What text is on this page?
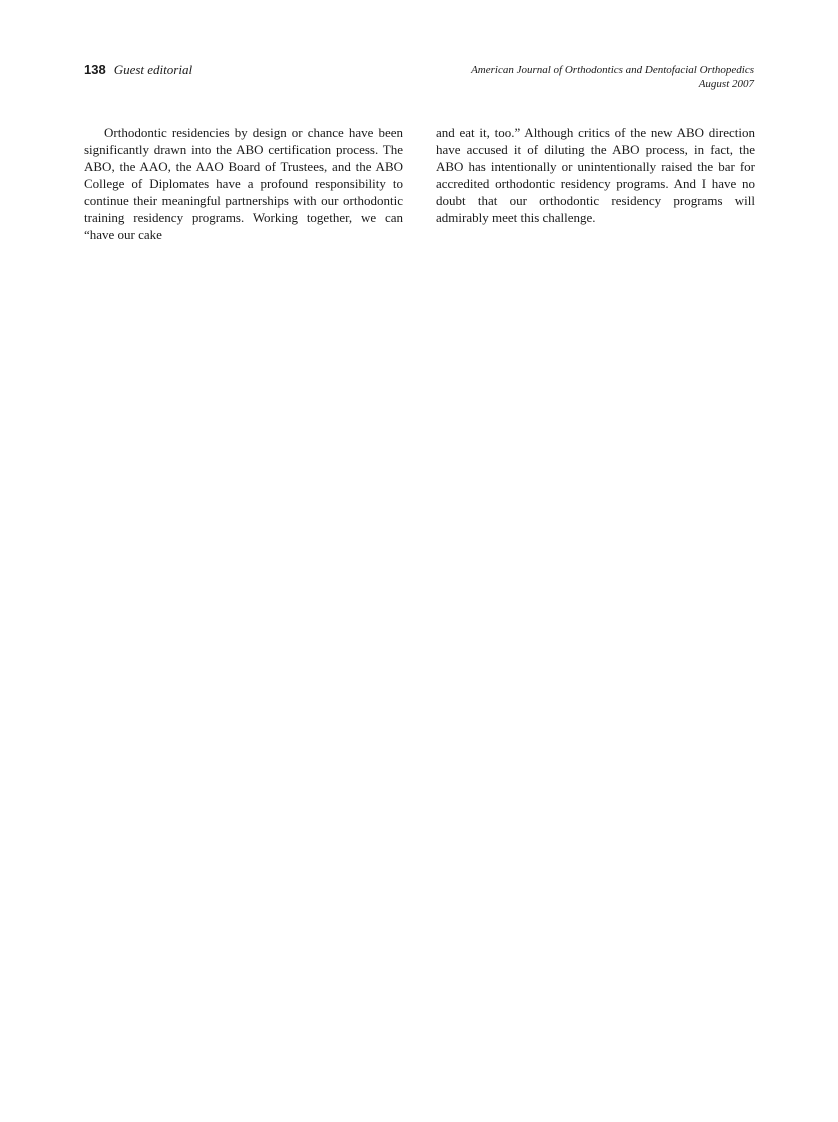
138 Guest editorial	American Journal of Orthodontics and Dentofacial Orthopedics
August 2007

Orthodontic residencies by design or chance have been significantly drawn into the ABO certification process. The ABO, the AAO, the AAO Board of Trustees, and the ABO College of Diplomates have a profound responsibility to continue their meaningful partnerships with our orthodontic training residency programs. Working together, we can “have our cake

and eat it, too.” Although critics of the new ABO direction have accused it of diluting the ABO process, in fact, the ABO has intentionally or unintentionally raised the bar for accredited orthodontic residency programs. And I have no doubt that our orthodontic residency programs will admirably meet this challenge.
